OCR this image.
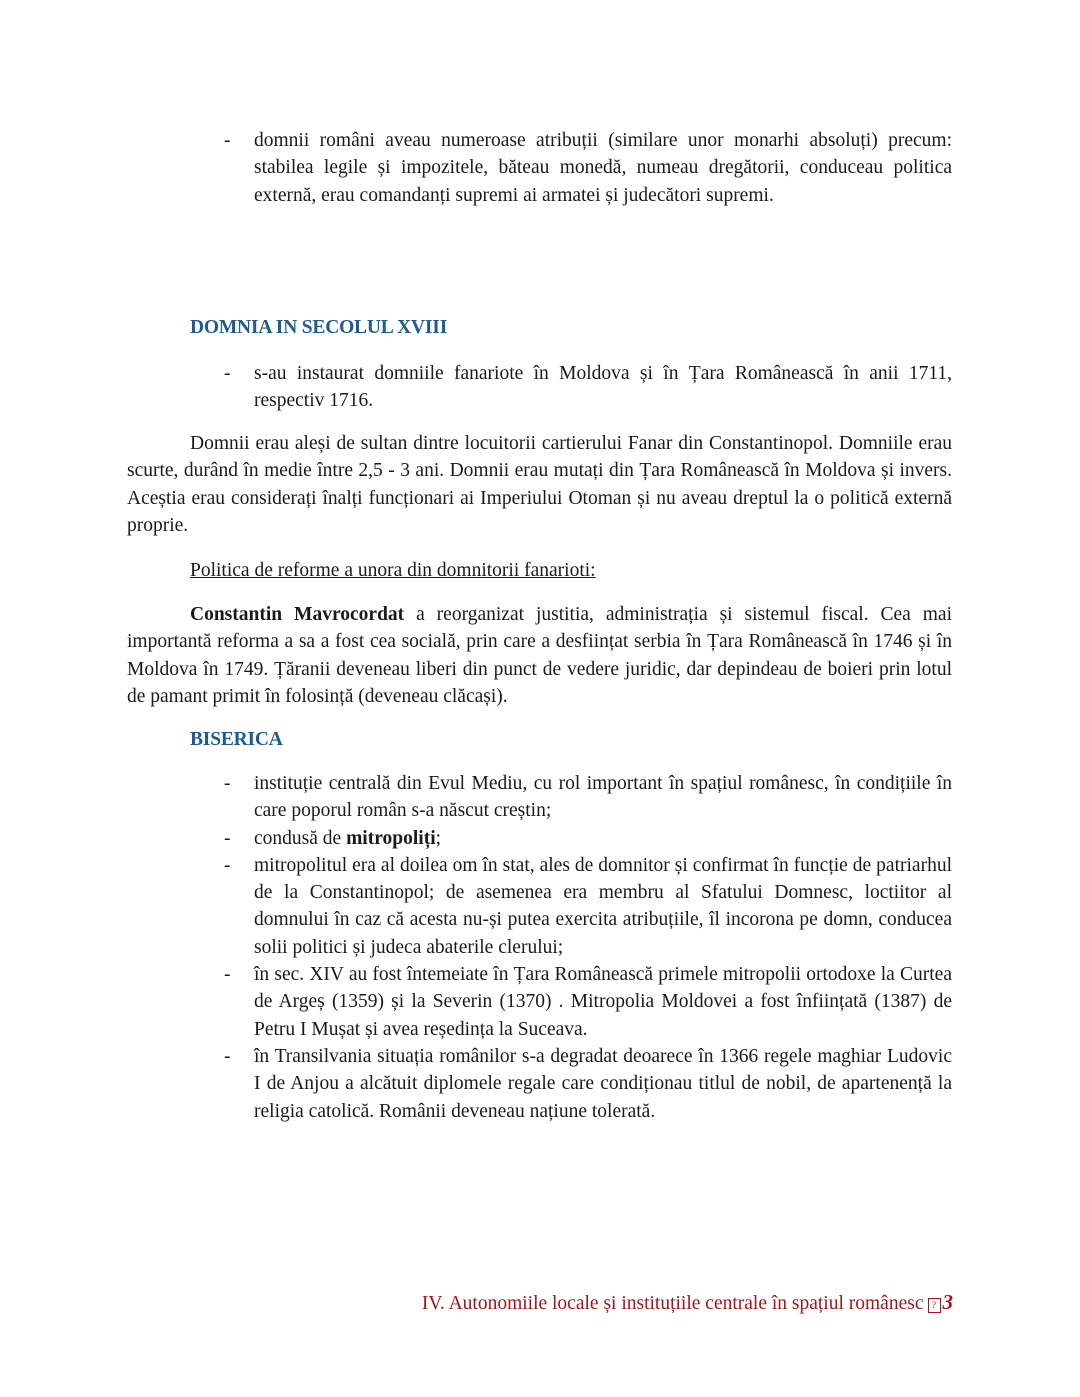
- domnii români aveau numeroase atribuții (similare unor monarhi absoluți) precum: stabilea legile și impozitele, băteau monedă, numeau dregătorii, conduceau politica externă, erau comandanți supremi ai armatei și judecători supremi.
DOMNIA IN SECOLUL XVIII
- s-au instaurat domniile fanariote în Moldova și în Țara Românească în anii 1711, respectiv 1716.

Domnii erau aleși de sultan dintre locuitorii cartierului Fanar din Constantinopol. Domniile erau scurte, durând în medie între 2,5 - 3 ani. Domnii erau mutați din Țara Românească în Moldova și invers. Aceștia erau considerați înalți funcționari ai Imperiului Otoman și nu aveau dreptul la o politică externă proprie.

Politica de reforme a unora din domnitorii fanarioti:

Constantin Mavrocordat a reorganizat justitia, administrația și sistemul fiscal. Cea mai importantă reforma a sa a fost cea socială, prin care a desființat serbia în Țara Românească în 1746 și în Moldova în 1749. Țăranii deveneau liberi din punct de vedere juridic, dar depindeau de boieri prin lotul de pamant primit în folosință (deveneau clăcași).

BISERICA
- instituție centrală din Evul Mediu, cu rol important în spațiul românesc, în condițiile în care poporul român s-a născut creștin;
- condusă de mitropoliți;
- mitropolitul era al doilea om în stat, ales de domnitor și confirmat în funcție de patriarhul de la Constantinopol; de asemenea era membru al Sfatului Domnesc, loctiitor al domnului în caz că acesta nu-și putea exercita atribuțiile, îl incorona pe domn, conducea solii politici și judeca abaterile clerului;
- în sec. XIV au fost întemeiate în Țara Românească primele mitropolii ortodoxe la Curtea de Argeș (1359) și la Severin (1370) . Mitropolia Moldovei a fost înființată (1387) de Petru I Mușat și avea reședința la Suceava.
- în Transilvania situația românilor s-a degradat deoarece în 1366 regele maghiar Ludovic I de Anjou a alcătuit diplomele regale care condiționau titlul de nobil, de apartenență la religia catolică. Românii deveneau națiune tolerată.
IV. Autonomiile locale și instituțiile centrale în spațiul românesc ? 3
